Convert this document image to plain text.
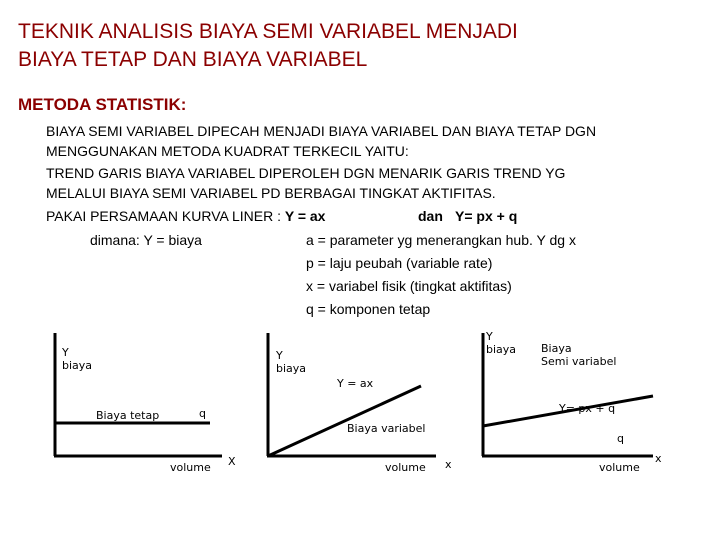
TEKNIK ANALISIS BIAYA SEMI VARIABEL MENJADI
BIAYA TETAP DAN BIAYA VARIABEL
METODA STATISTIK:
BIAYA SEMI VARIABEL DIPECAH MENJADI BIAYA VARIABEL DAN BIAYA TETAP DGN
MENGGUNAKAN METODA KUADRAT TERKECIL YAITU:
TREND GARIS BIAYA VARIABEL DIPEROLEH DGN MENARIK GARIS TREND YG
MELALUI BIAYA SEMI VARIABEL PD BERBAGAI TINGKAT AKTIFITAS.
PAKAI PERSAMAAN KURVA LINER : Y = ax	dan Y= px + q
dimana: Y = biaya	a = parameter yg menerangkan hub. Y dg x
p = laju peubah (variable rate)
x = variabel fisik (tingkat aktifitas)
q = komponen tetap
Y
biaya
Biaya tetap	q
volume X
Y
biaya
Y = ax
Biaya variabel
volume x
Y
biaya Biaya
Semi variabel
Y= px + q
q
volume
x
